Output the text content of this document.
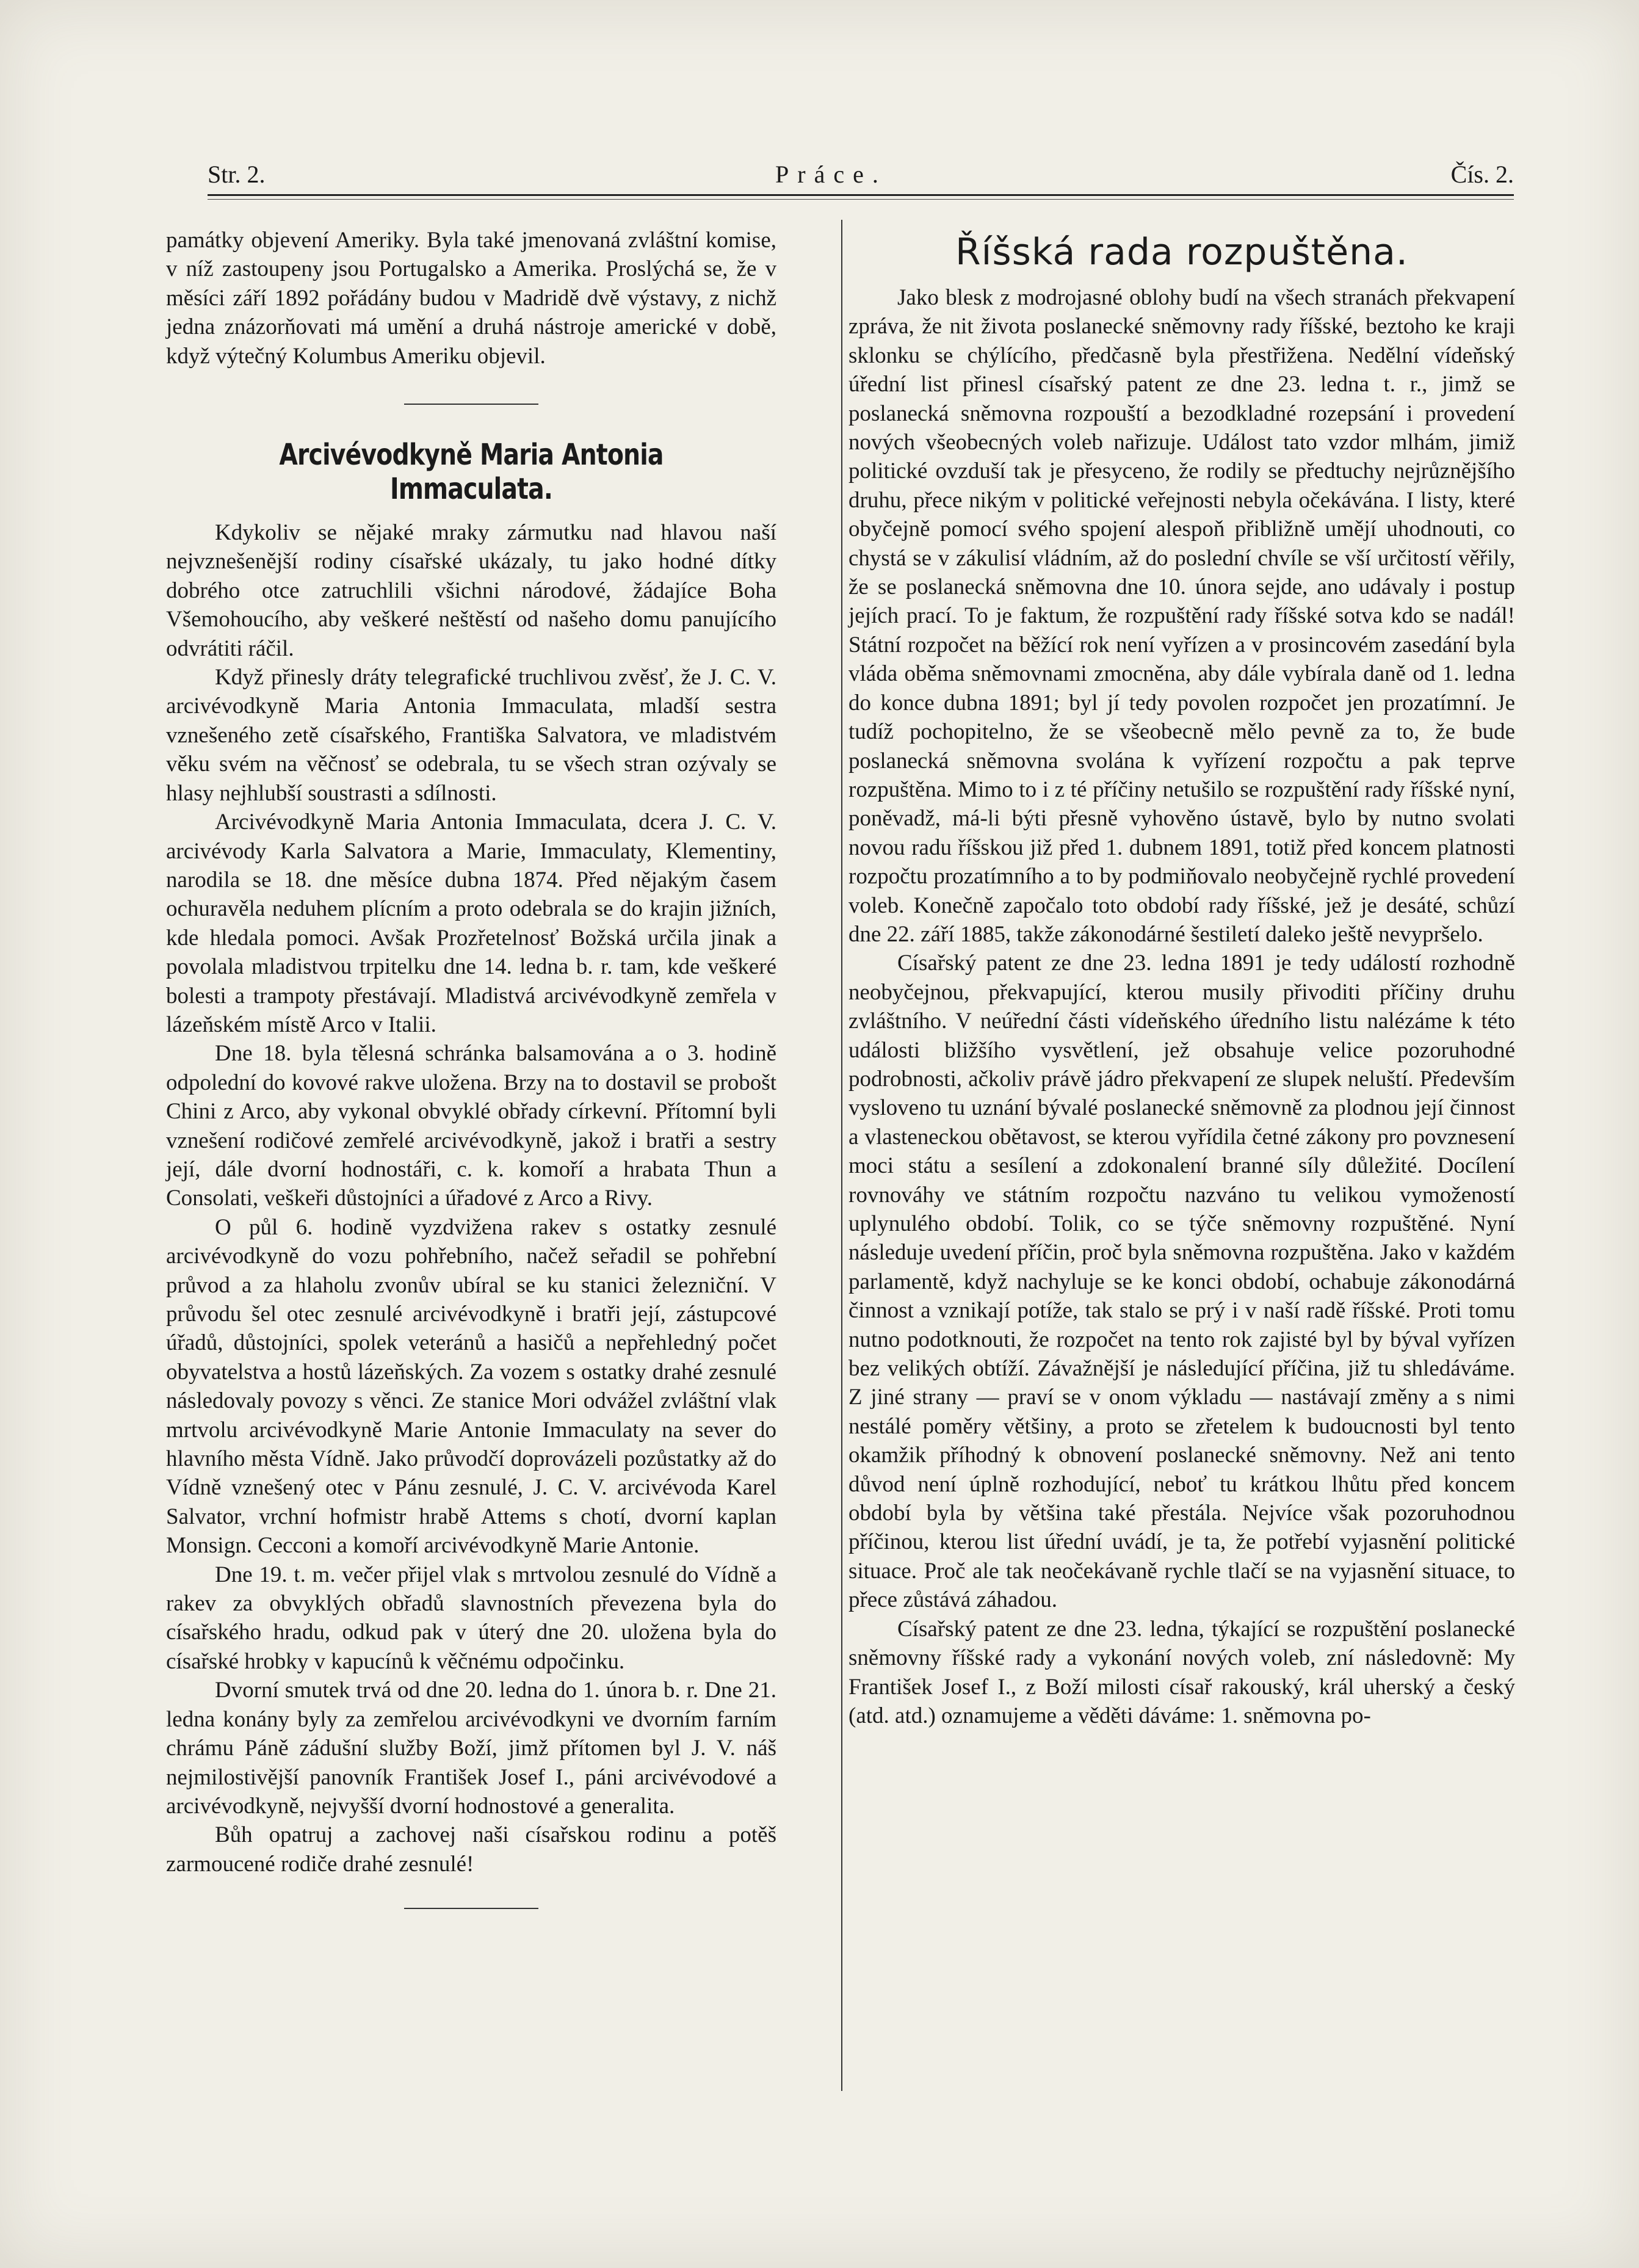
Str. 2.	Práce.	Čís. 2.

památky objevení Ameriky. Byla také jmenovaná zvláštní komise, v níž zastoupeny jsou Portugalsko a Amerika. Proslýchá se, že v měsíci září 1892 pořádány budou v Madridě dvě výstavy, z nichž jedna znázorňovati má umění a druhá nástroje americké v době, když výtečný Kolumbus Ameriku objevil.

Arcivévodkyně Maria Antonia Immaculata.

Kdykoliv se nějaké mraky zármutku nad hlavou naší nejvznešenější rodiny císařské ukázaly, tu jako hodné dítky dobrého otce zatruchlili všichni národové, žádajíce Boha Všemohoucího, aby veškeré neštěstí od našeho domu panujícího odvrátiti ráčil.

Když přinesly dráty telegrafické truchlivou zvěsť, že J. C. V. arcivévodkyně Maria Antonia Immaculata, mladší sestra vznešeného zetě císařského, Františka Salvatora, ve mladistvém věku svém na věčnosť se odebrala, tu se všech stran ozývaly se hlasy nejhlubší soustrasti a sdílnosti.

Arcivévodkyně Maria Antonia Immaculata, dcera J. C. V. arcivévody Karla Salvatora a Marie, Immaculaty, Klementiny, narodila se 18. dne měsíce dubna 1874. Před nějakým časem ochuravěla neduhem plícním a proto odebrala se do krajin jižních, kde hledala pomoci. Avšak Prozřetelnosť Božská určila jinak a povolala mladistvou trpitelku dne 14. ledna b. r. tam, kde veškeré bolesti a trampoty přestávají. Mladistvá arcivévodkyně zemřela v lázeňském místě Arco v Italii.

Dne 18. byla tělesná schránka balsamována a o 3. hodině odpolední do kovové rakve uložena. Brzy na to dostavil se probošt Chini z Arco, aby vykonal obvyklé obřady církevní. Přítomní byli vznešení rodičové zemřelé arcivévodkyně, jakož i bratři a sestry její, dále dvorní hodnostáři, c. k. komoří a hrabata Thun a Consolati, veškeři důstojníci a úřadové z Arco a Rivy.

O půl 6. hodině vyzdvižena rakev s ostatky zesnulé arcivévodkyně do vozu pohřebního, načež seřadil se pohřební průvod a za hlaholu zvonův ubíral se ku stanici železniční. V průvodu šel otec zesnulé arcivévodkyně i bratři její, zástupcové úřadů, důstojníci, spolek veteránů a hasičů a nepřehledný počet obyvatelstva a hostů lázeňských. Za vozem s ostatky drahé zesnulé následovaly povozy s věnci. Ze stanice Mori odvážel zvláštní vlak mrtvolu arcivévodkyně Marie Antonie Immaculaty na sever do hlavního města Vídně. Jako průvodčí doprovázeli pozůstatky až do Vídně vznešený otec v Pánu zesnulé, J. C. V. arcivévoda Karel Salvator, vrchní hofmistr hrabě Attems s chotí, dvorní kaplan Monsign. Cecconi a komoří arcivévodkyně Marie Antonie.

Dne 19. t. m. večer přijel vlak s mrtvolou zesnulé do Vídně a rakev za obvyklých obřadů slavnostních převezena byla do císařského hradu, odkud pak v úterý dne 20. uložena byla do císařské hrobky v kapucínů k věčnému odpočinku.

Dvorní smutek trvá od dne 20. ledna do 1. února b. r. Dne 21. ledna konány byly za zemřelou arcivévodkyni ve dvorním farním chrámu Páně zádušní služby Boží, jimž přítomen byl J. V. náš nejmilostivější panovník František Josef I., páni arcivévodové a arcivévodkyně, nejvyšší dvorní hodnostové a generalita.

Bůh opatruj a zachovej naši císařskou rodinu a potěš zarmoucené rodiče drahé zesnulé!

Říšská rada rozpuštěna.

Jako blesk z modrojasné oblohy budí na všech stranách překvapení zpráva, že nit života poslanecké sněmovny rady říšské, beztoho ke kraji sklonku se chýlícího, předčasně byla přestřižena. Nedělní vídeňský úřední list přinesl císařský patent ze dne 23. ledna t. r., jimž se poslanecká sněmovna rozpouští a bezodkladné rozepsání i provedení nových všeobecných voleb nařizuje. Událost tato vzdor mlhám, jimiž politické ovzduší tak je přesyceno, že rodily se předtuchy nejrůznějšího druhu, přece nikým v politické veřejnosti nebyla očekávána. I listy, které obyčejně pomocí svého spojení alespoň přibližně umějí uhodnouti, co chystá se v zákulisí vládním, až do poslední chvíle se vší určitostí věřily, že se poslanecká sněmovna dne 10. února sejde, ano udávaly i postup jejích prací. To je faktum, že rozpuštění rady říšské sotva kdo se nadál! Státní rozpočet na běžící rok není vyřízen a v prosincovém zasedání byla vláda oběma sněmovnami zmocněna, aby dále vybírala daně od 1. ledna do konce dubna 1891; byl jí tedy povolen rozpočet jen prozatímní. Je tudíž pochopitelno, že se všeobecně mělo pevně za to, že bude poslanecká sněmovna svolána k vyřízení rozpočtu a pak teprve rozpuštěna. Mimo to i z té příčiny netušilo se rozpuštění rady říšské nyní, poněvadž, má-li býti přesně vyhověno ústavě, bylo by nutno svolati novou radu říšskou již před 1. dubnem 1891, totiž před koncem platnosti rozpočtu prozatímního a to by podmiňovalo neobyčejně rychlé provedení voleb. Konečně započalo toto období rady říšské, jež je desáté, schůzí dne 22. září 1885, takže zákonodárné šestiletí daleko ještě nevypršelo.

Císařský patent ze dne 23. ledna 1891 je tedy událostí rozhodně neobyčejnou, překvapující, kterou musily přivoditi příčiny druhu zvláštního. V neúřední části vídeňského úředního listu nalézáme k této události bližšího vysvětlení, jež obsahuje velice pozoruhodné podrobnosti, ačkoliv právě jádro překvapení ze slupek neluští. Především vysloveno tu uznání bývalé poslanecké sněmovně za plodnou její činnost a vlasteneckou obětavost, se kterou vyřídila četné zákony pro povznesení moci státu a sesílení a zdokonalení branné síly důležité. Docílení rovnováhy ve státním rozpočtu nazváno tu velikou vymožeností uplynulého období. Tolik, co se týče sněmovny rozpuštěné. Nyní následuje uvedení příčin, proč byla sněmovna rozpuštěna. Jako v každém parlamentě, když nachyluje se ke konci období, ochabuje zákonodárná činnost a vznikají potíže, tak stalo se prý i v naší radě říšské. Proti tomu nutno podotknouti, že rozpočet na tento rok zajisté byl by býval vyřízen bez velikých obtíží. Závažnější je následující příčina, již tu shledáváme. Z jiné strany — praví se v onom výkladu — nastávají změny a s nimi nestálé poměry většiny, a proto se zřetelem k budoucnosti byl tento okamžik příhodný k obnovení poslanecké sněmovny. Než ani tento důvod není úplně rozhodující, neboť tu krátkou lhůtu před koncem období byla by většina také přestála. Nejvíce však pozoruhodnou příčinou, kterou list úřední uvádí, je ta, že potřebí vyjasnění politické situace. Proč ale tak neočekávaně rychle tlačí se na vyjasnění situace, to přece zůstává záhadou.

Císařský patent ze dne 23. ledna, týkající se rozpuštění poslanecké sněmovny říšské rady a vykonání nových voleb, zní následovně: My František Josef I., z Boží milosti císař rakouský, král uherský a český (atd. atd.) oznamujeme a věděti dáváme: 1. sněmovna po-
